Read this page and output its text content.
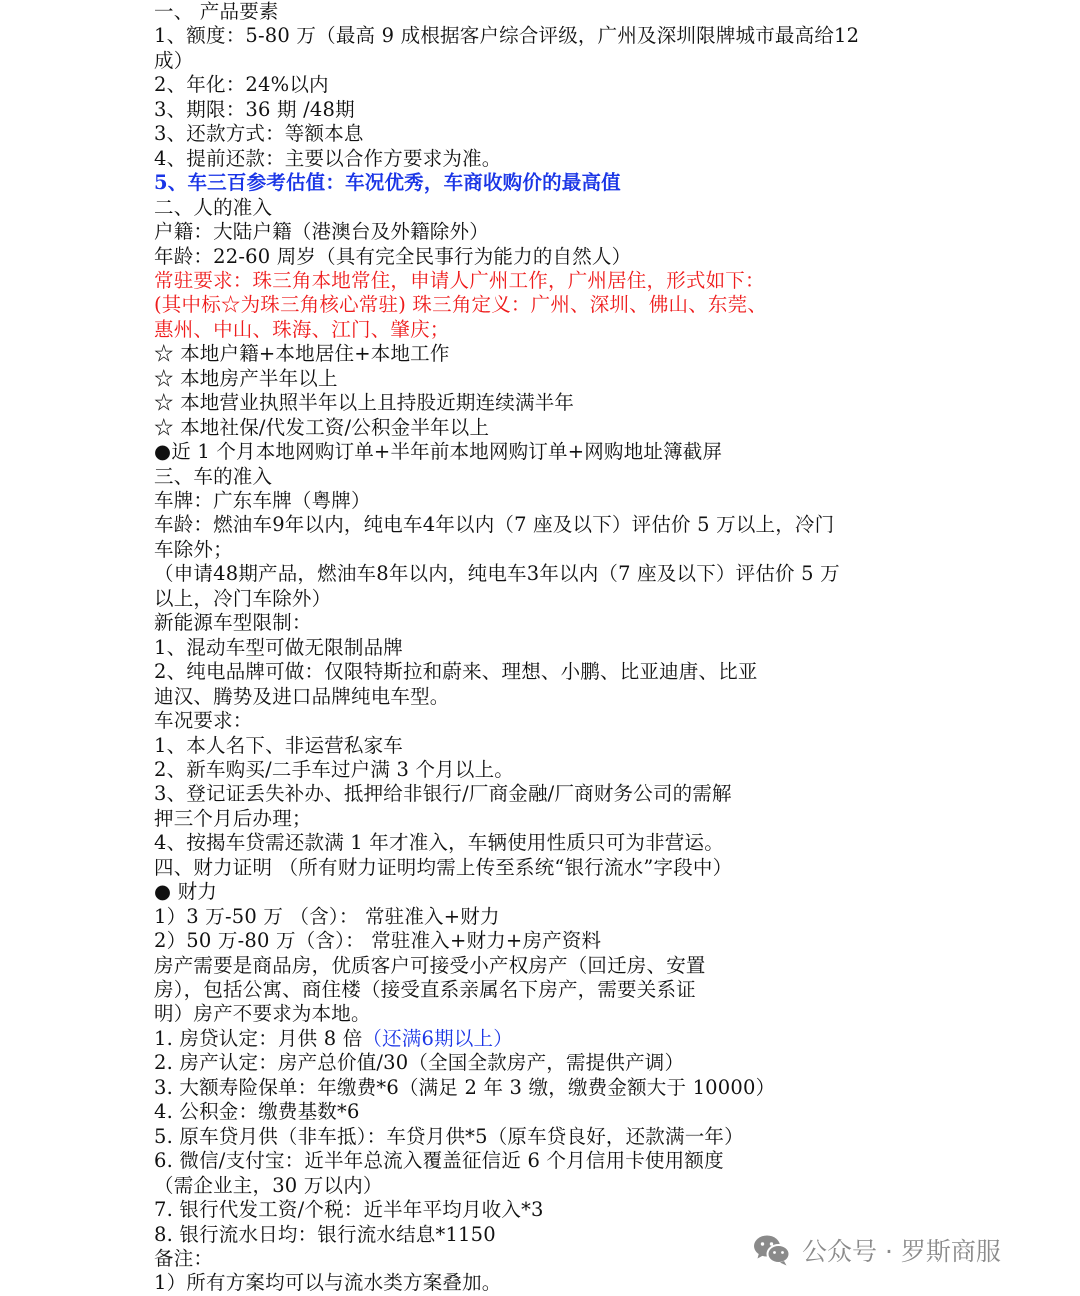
一、 产品要素
1、额度：5-80 万（最高 9 成根据客户综合评级，广州及深圳限牌城市最高给12
成）
2、年化：24%以内
3、期限：36 期 /48期
3、还款方式：等额本息
4、提前还款：主要以合作方要求为准。
5、车三百参考估值：车况优秀，车商收购价的最高值
二、人的准入
户籍：大陆户籍（港澳台及外籍除外）
年龄：22-60 周岁（具有完全民事行为能力的自然人）
常驻要求：珠三角本地常住，申请人广州工作，广州居住，形式如下：
(其中标☆为珠三角核心常驻) 珠三角定义：广州、深圳、佛山、东莞、
惠州、中山、珠海、江门、肇庆；
☆ 本地户籍+本地居住+本地工作
☆ 本地房产半年以上
☆ 本地营业执照半年以上且持股近期连续满半年
☆ 本地社保/代发工资/公积金半年以上
●近 1 个月本地网购订单+半年前本地网购订单+网购地址簿截屏
三、车的准入
车牌：广东车牌（粤牌）
车龄：燃油车9年以内，纯电车4年以内（7 座及以下）评估价 5 万以上，冷门
车除外；
（申请48期产品，燃油车8年以内，纯电车3年以内（7 座及以下）评估价 5 万
以上，冷门车除外）
新能源车型限制：
1、混动车型可做无限制品牌
2、纯电品牌可做：仅限特斯拉和蔚来、理想、小鹏、比亚迪唐、比亚
迪汉、腾势及进口品牌纯电车型。
车况要求：
1、本人名下、非运营私家车
2、新车购买/二手车过户满 3 个月以上。
3、登记证丢失补办、抵押给非银行/厂商金融/厂商财务公司的需解
押三个月后办理；
4、按揭车贷需还款满 1 年才准入，车辆使用性质只可为非营运。
四、财力证明 （所有财力证明均需上传至系统“银行流水”字段中）
● 财力
1）3 万-50 万 （含）： 常驻准入+财力
2）50 万-80 万（含）： 常驻准入+财力+房产资料
房产需要是商品房，优质客户可接受小产权房产（回迁房、安置
房），包括公寓、商住楼（接受直系亲属名下房产，需要关系证
明）房产不要求为本地。
1. 房贷认定：月供 8 倍（还满6期以上）
2. 房产认定：房产总价值/30（全国全款房产，需提供产调）
3. 大额寿险保单：年缴费*6（满足 2 年 3 缴，缴费金额大于 10000）
4. 公积金：缴费基数*6
5. 原车贷月供（非车抵）：车贷月供*5（原车贷良好，还款满一年）
6. 微信/支付宝：近半年总流入覆盖征信近 6 个月信用卡使用额度
（需企业主，30 万以内）
7. 银行代发工资/个税：近半年平均月收入*3
8. 银行流水日均：银行流水结息*1150
备注：
1）所有方案均可以与流水类方案叠加。
公众号 · 罗斯商服
